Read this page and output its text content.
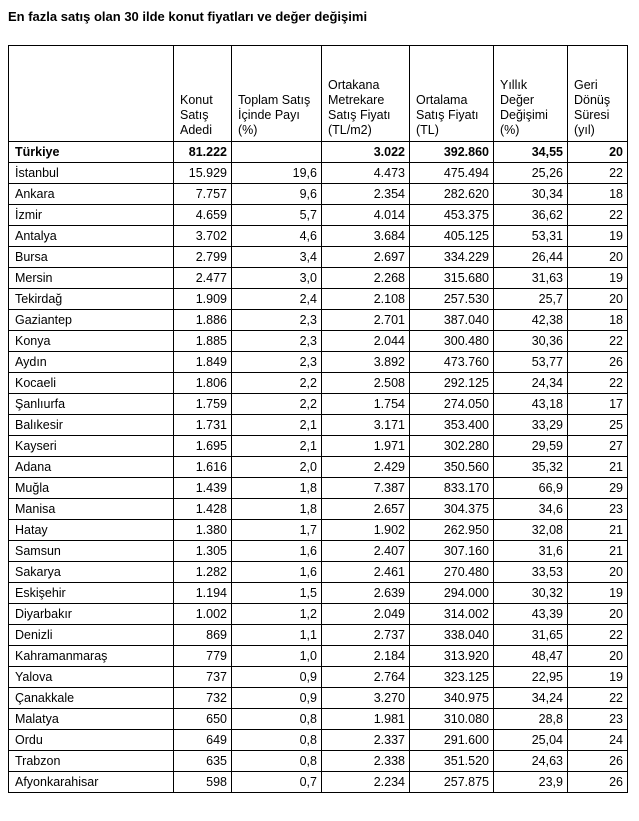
En fazla satış olan 30 ilde konut fiyatları ve değer değişimi
	Konut Satış Adedi	Toplam Satış İçinde Payı (%)	Ortakana Metrekare Satış Fiyatı (TL/m2)	Ortalama Satış Fiyatı (TL)	Yıllık Değer Değişimi (%)	Geri Dönüş Süresi (yıl)
Türkiye	81.222		3.022	392.860	34,55	20
İstanbul	15.929	19,6	4.473	475.494	25,26	22
Ankara	7.757	9,6	2.354	282.620	30,34	18
İzmir	4.659	5,7	4.014	453.375	36,62	22
Antalya	3.702	4,6	3.684	405.125	53,31	19
Bursa	2.799	3,4	2.697	334.229	26,44	20
Mersin	2.477	3,0	2.268	315.680	31,63	19
Tekirdağ	1.909	2,4	2.108	257.530	25,7	20
Gaziantep	1.886	2,3	2.701	387.040	42,38	18
Konya	1.885	2,3	2.044	300.480	30,36	22
Aydın	1.849	2,3	3.892	473.760	53,77	26
Kocaeli	1.806	2,2	2.508	292.125	24,34	22
Şanlıurfa	1.759	2,2	1.754	274.050	43,18	17
Balıkesir	1.731	2,1	3.171	353.400	33,29	25
Kayseri	1.695	2,1	1.971	302.280	29,59	27
Adana	1.616	2,0	2.429	350.560	35,32	21
Muğla	1.439	1,8	7.387	833.170	66,9	29
Manisa	1.428	1,8	2.657	304.375	34,6	23
Hatay	1.380	1,7	1.902	262.950	32,08	21
Samsun	1.305	1,6	2.407	307.160	31,6	21
Sakarya	1.282	1,6	2.461	270.480	33,53	20
Eskişehir	1.194	1,5	2.639	294.000	30,32	19
Diyarbakır	1.002	1,2	2.049	314.002	43,39	20
Denizli	869	1,1	2.737	338.040	31,65	22
Kahramanmaraş	779	1,0	2.184	313.920	48,47	20
Yalova	737	0,9	2.764	323.125	22,95	19
Çanakkale	732	0,9	3.270	340.975	34,24	22
Malatya	650	0,8	1.981	310.080	28,8	23
Ordu	649	0,8	2.337	291.600	25,04	24
Trabzon	635	0,8	2.338	351.520	24,63	26
Afyonkarahisar	598	0,7	2.234	257.875	23,9	26
